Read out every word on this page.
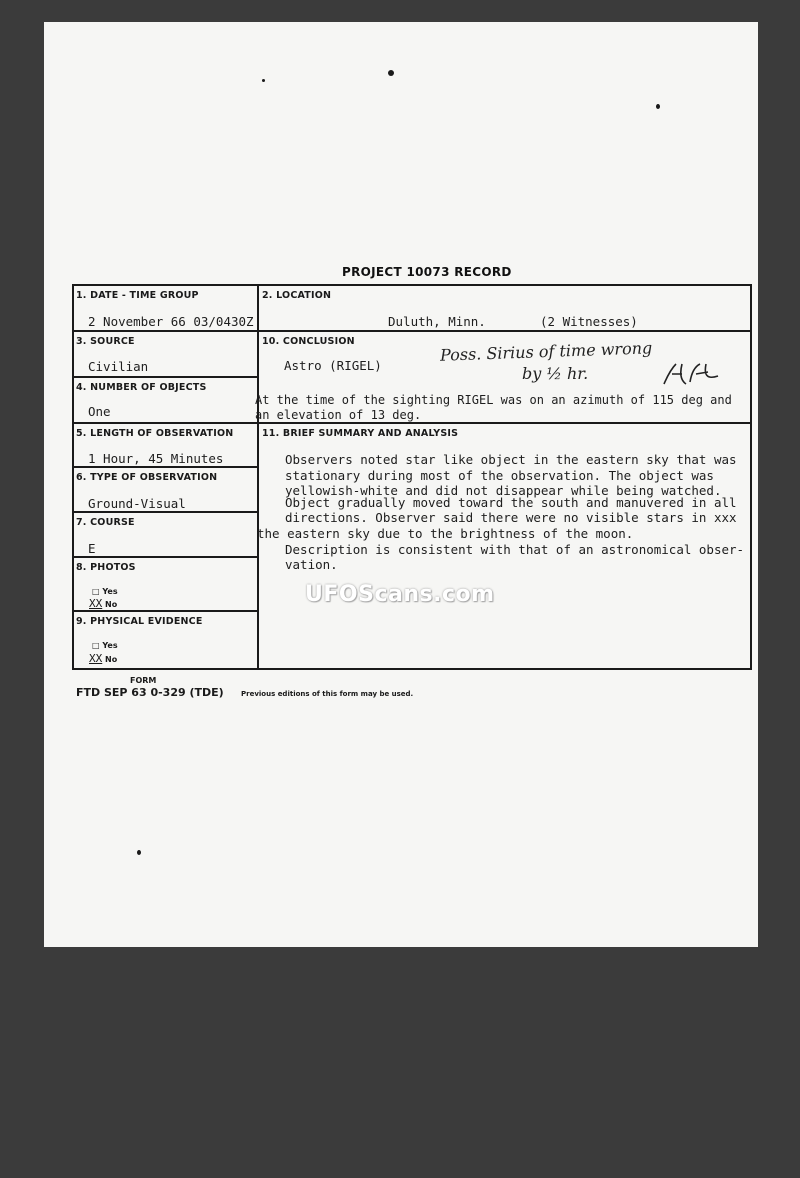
PROJECT 10073 RECORD
1. DATE - TIME GROUP
2 November 66 03/0430Z
2. LOCATION
Duluth, Minn.	(2 Witnesses)
3. SOURCE
Civilian
10. CONCLUSION
Astro (RIGEL)
Poss. Sirius of time wrong
by ½ hr.
4. NUMBER OF OBJECTS
One
At the time of the sighting RIGEL was on an azimuth of 115 deg and
an elevation of 13 deg.
5. LENGTH OF OBSERVATION
1 Hour, 45 Minutes
11. BRIEF SUMMARY AND ANALYSIS
Observers noted star like object in the eastern sky that was
stationary during most of the observation. The object was
yellowish-white and did not disappear while being watched.
Object gradually moved toward the south and manuvered in all
directions. Observer said there were no visible stars in xxx
the eastern sky due to the brightness of the moon.
Description is consistent with that of an astronomical obser-
vation.
6. TYPE OF OBSERVATION
Ground-Visual
7. COURSE
E
8. PHOTOS
□ Yes
XX No
9. PHYSICAL EVIDENCE
□ Yes
XX No
UFOScans.com
FORM
FTD SEP 63 0-329 (TDE) Previous editions of this form may be used.
